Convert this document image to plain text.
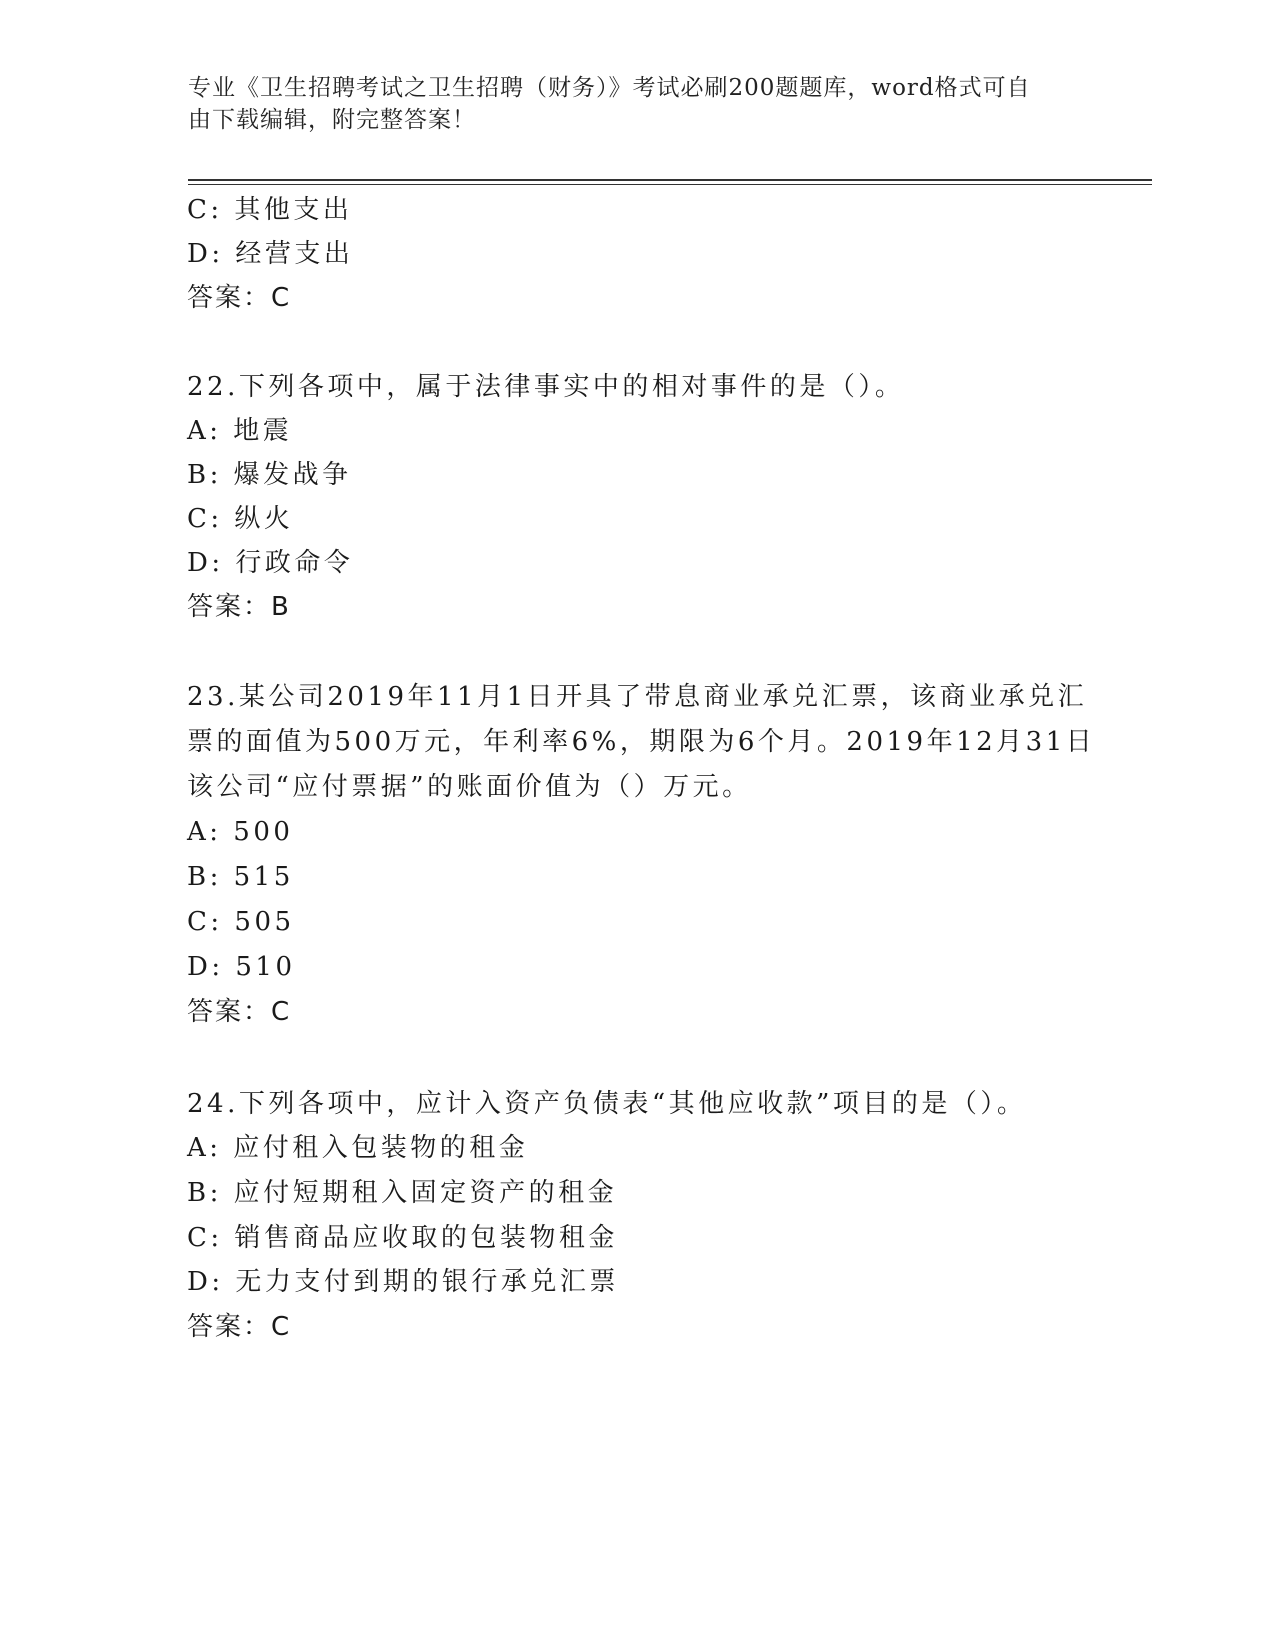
专业《卫生招聘考试之卫生招聘（财务）》考试必刷200题题库，word格式可自
由下载编辑，附完整答案！
C: 其他支出
D: 经营支出
答案：C
22.下列各项中，属于法律事实中的相对事件的是（）。
A: 地震
B: 爆发战争
C: 纵火
D: 行政命令
答案：B
23.某公司2019年11月1日开具了带息商业承兑汇票，该商业承兑汇
票的面值为500万元，年利率6%，期限为6个月。2019年12月31日
该公司“应付票据”的账面价值为（）万元。
A: 500
B: 515
C: 505
D: 510
答案：C
24.下列各项中，应计入资产负债表“其他应收款”项目的是（）。
A: 应付租入包装物的租金
B: 应付短期租入固定资产的租金
C: 销售商品应收取的包装物租金
D: 无力支付到期的银行承兑汇票
答案：C
